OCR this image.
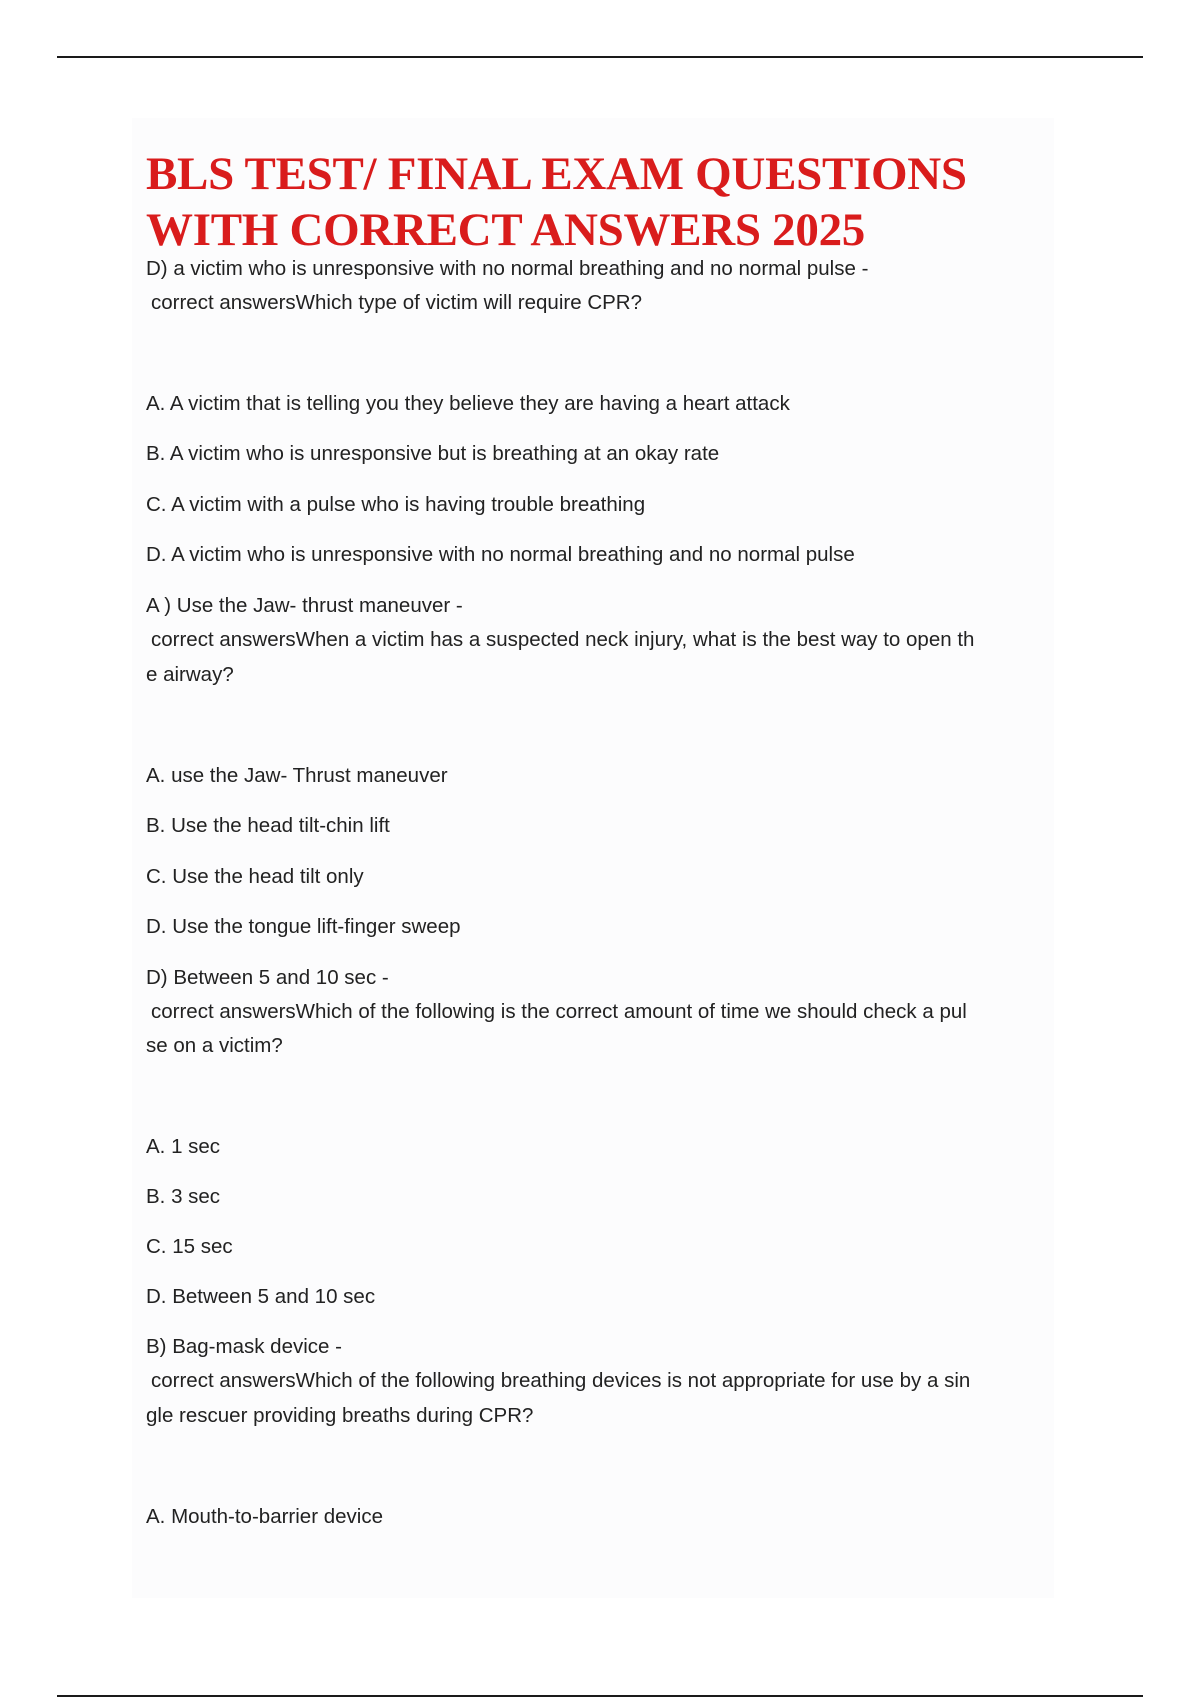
BLS TEST/ FINAL EXAM QUESTIONS
WITH CORRECT ANSWERS 2025
D) a victim who is unresponsive with no normal breathing and no normal pulse -
correct answersWhich type of victim will require CPR?
A. A victim that is telling you they believe they are having a heart attack
B. A victim who is unresponsive but is breathing at an okay rate
C. A victim with a pulse who is having trouble breathing
D. A victim who is unresponsive with no normal breathing and no normal pulse
A ) Use the Jaw- thrust maneuver -
correct answersWhen a victim has a suspected neck injury, what is the best way to open th
e airway?
A. use the Jaw- Thrust maneuver
B. Use the head tilt-chin lift
C. Use the head tilt only
D. Use the tongue lift-finger sweep
D) Between 5 and 10 sec -
correct answersWhich of the following is the correct amount of time we should check a pul
se on a victim?
A. 1 sec
B. 3 sec
C. 15 sec
D. Between 5 and 10 sec
B) Bag-mask device -
correct answersWhich of the following breathing devices is not appropriate for use by a sin
gle rescuer providing breaths during CPR?
A. Mouth-to-barrier device
